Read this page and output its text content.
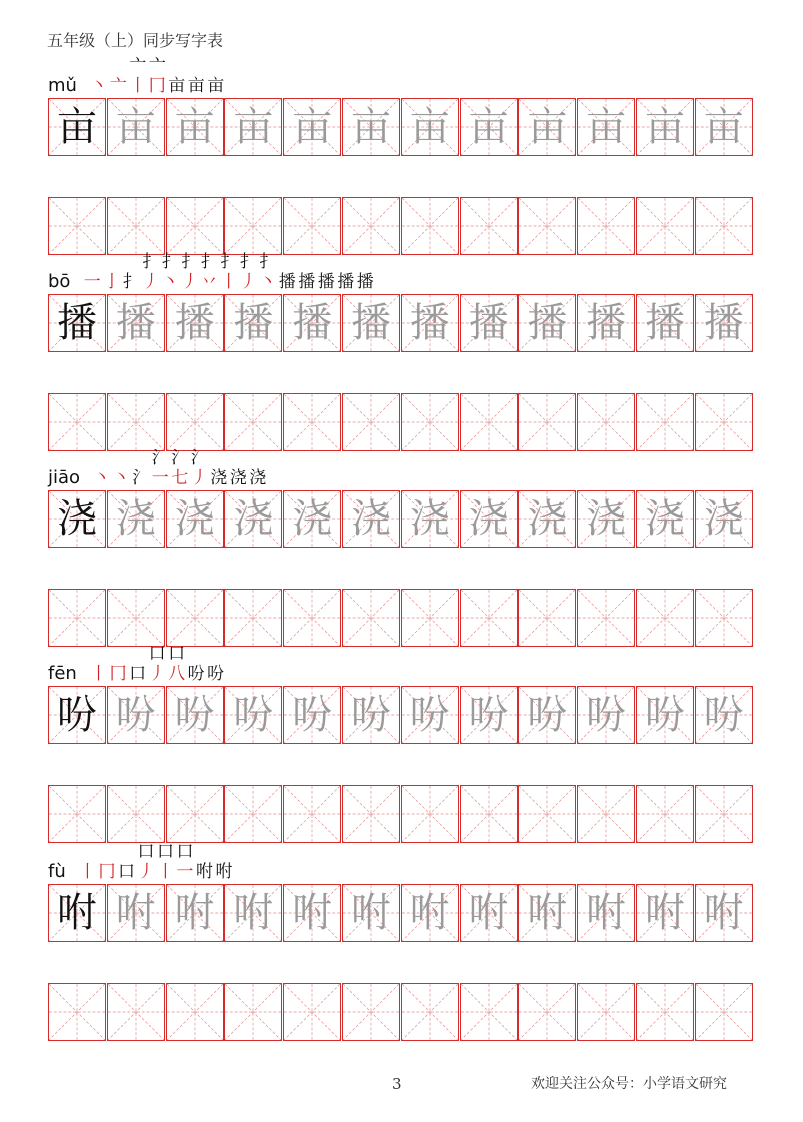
五年级（上）同步写字表
mǔ 丶 亠
亠丨
亠冂 亩 亩 亩
亩 亩 亩 亩 亩 亩 亩 亩 亩 亩 亩 亩
bō 一 亅 扌
扌丿
扌丶
扌丿
扌丷
扌丨
扌丿
扌丶 播 播 播 播 播
播 播 播 播 播 播 播 播 播 播 播 播
jiāo 丶 丶 氵
氵一
氵七
氵丿 浇 浇 浇
浇 浇 浇 浇 浇 浇 浇 浇 浇 浇 浇 浇
fēn 丨 冂 口
口丿
口八 吩 吩
吩 吩 吩 吩 吩 吩 吩 吩 吩 吩 吩 吩
fù 丨 冂 口
口丿
口丨
口一 咐 咐
咐 咐 咐 咐 咐 咐 咐 咐 咐 咐 咐 咐
3	欢迎关注公众号：小学语文研究
